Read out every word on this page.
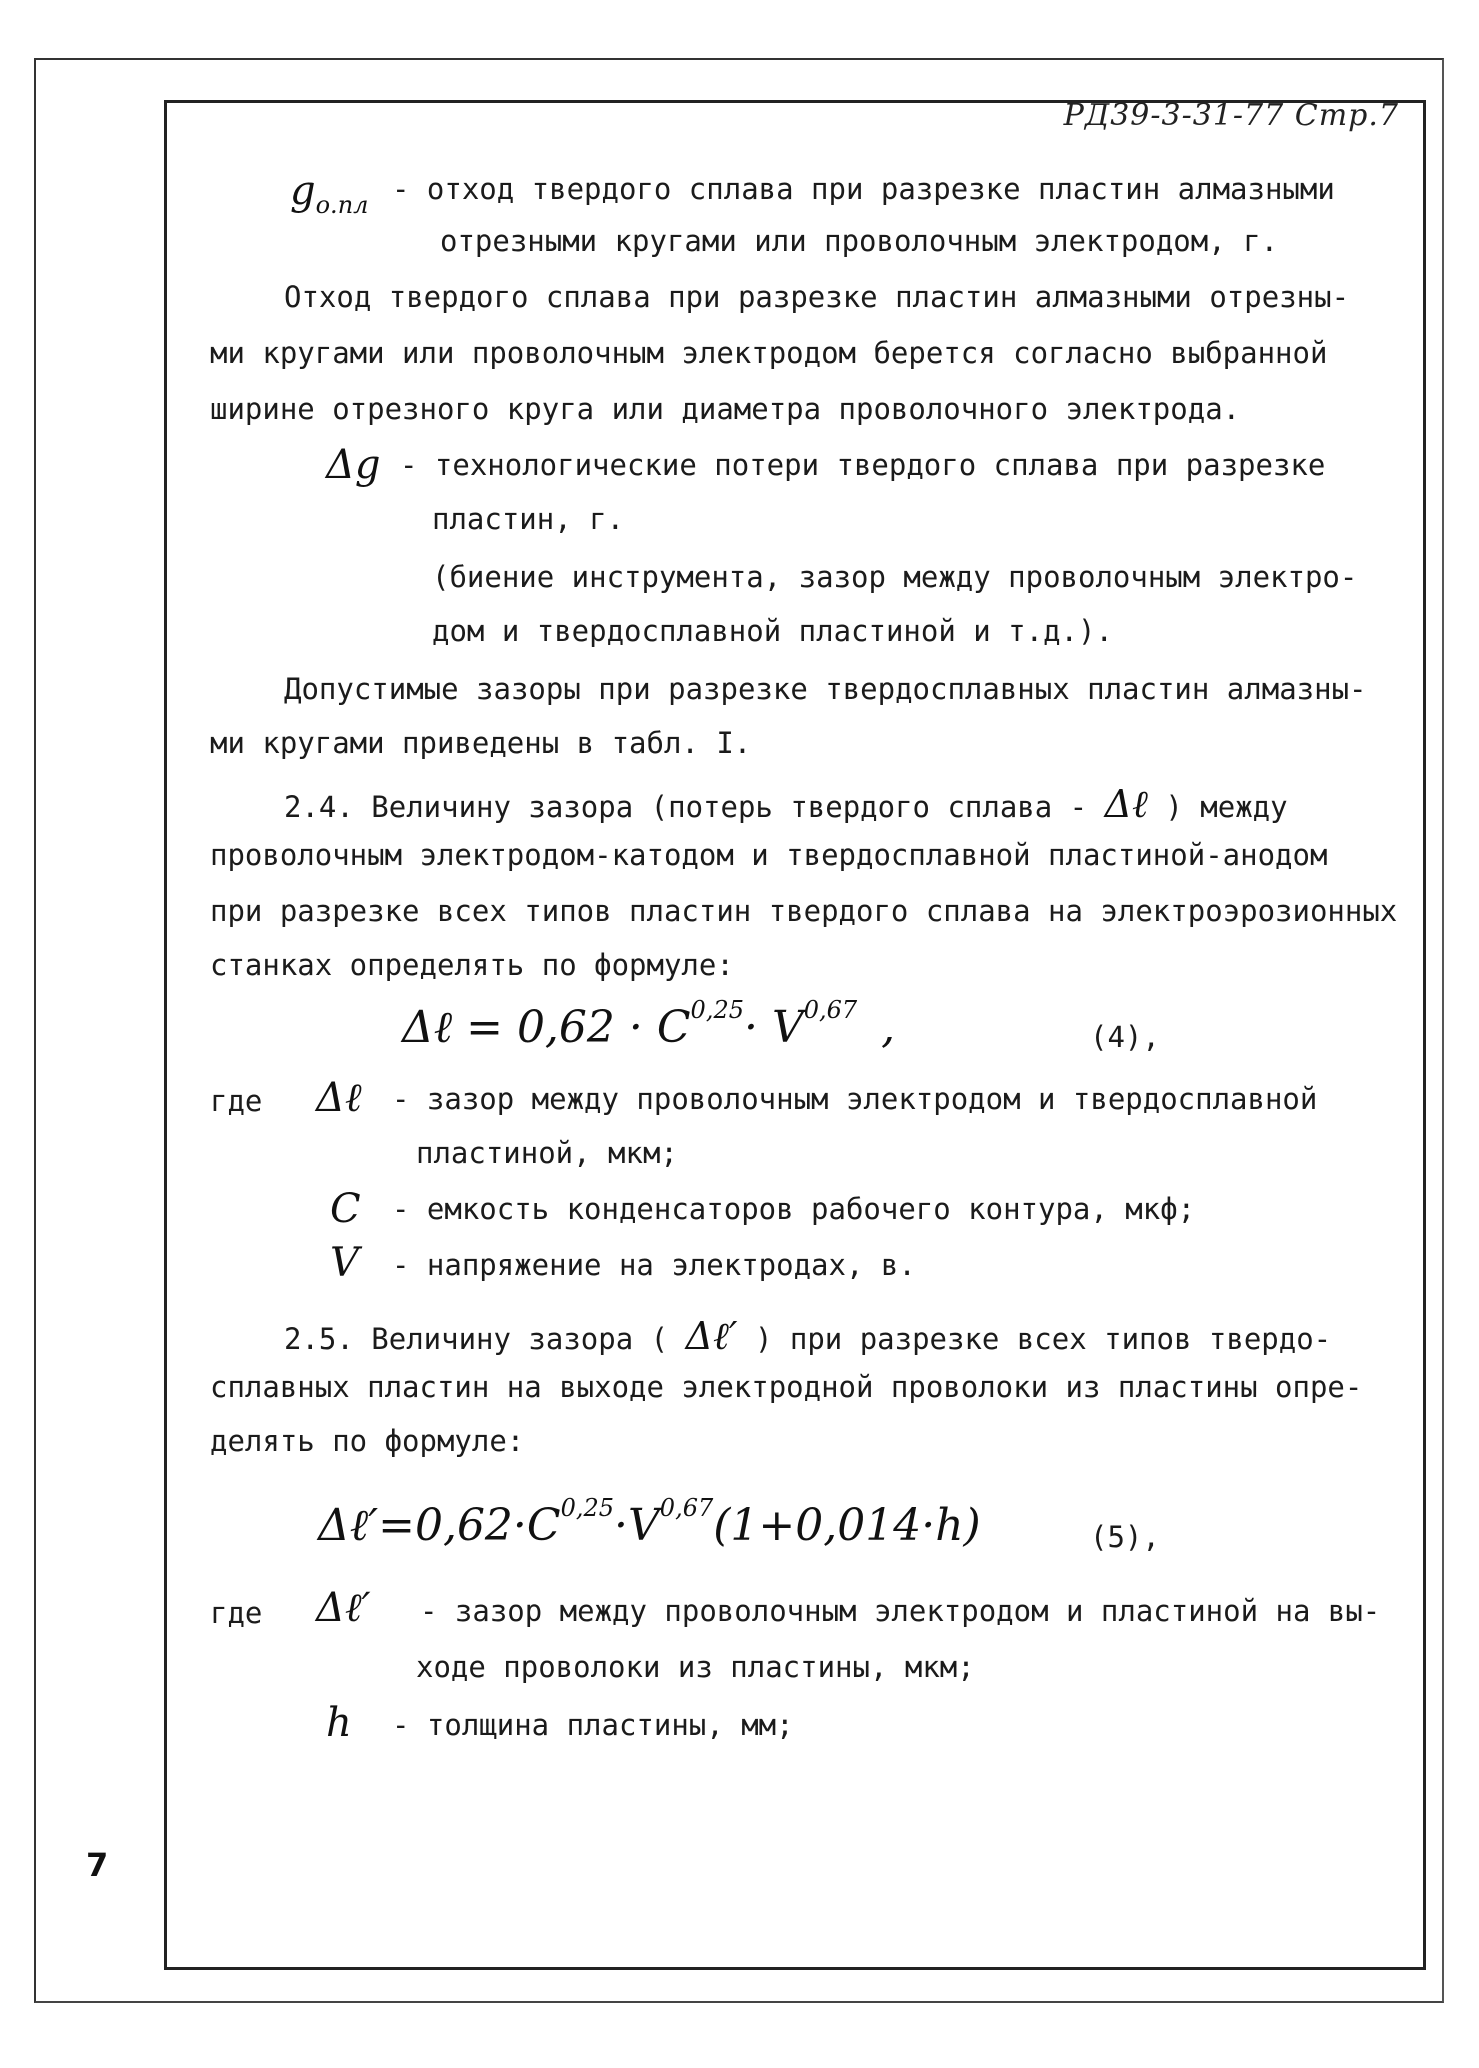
РД39-3-31-77 Стр.7
$g_{о.пл}$ - отход твердого сплава при разрезке пластин алмазными
отрезными кругами или проволочным электродом, г.
Отход твердого сплава при разрезке пластин алмазными отрезны-
ми кругами или проволочным электродом берется согласно выбранной
ширине отрезного круга или диаметра проволочного электрода.
Δg - технологические потери твердого сплава при разрезке
пластин, г.
(биение инструмента, зазор между проволочным электро-
дом и твердосплавной пластиной и т.д.).
Допустимые зазоры при разрезке твердосплавных пластин алмазны-
ми кругами приведены в табл. I.
2.4. Величину зазора (потерь твердого сплава - Δℓ ) между
проволочным электродом-катодом и твердосплавной пластиной-анодом
при разрезке всех типов пластин твердого сплава на электроэрозионных
станках определять по формуле:
Δℓ = 0,62 · C$^{0,25}$· V$^{0,67}$ ,	(4),
где Δℓ - зазор между проволочным электродом и твердосплавной
пластиной, мкм;
C - емкость конденсаторов рабочего контура, мкф;
V - напряжение на электродах, в.
2.5. Величину зазора ( Δℓ′ ) при разрезке всех типов твердо-
сплавных пластин на выходе электродной проволоки из пластины опре-
делять по формуле:
$\Delta\ell'=0,62\cdot C^{0,25}\cdot V^{0,67}(1+0,014\cdot h)$	(5),
где Δℓ′ - зазор между проволочным электродом и пластиной на вы-
ходе проволоки из пластины, мкм;
h - толщина пластины, мм;
7
